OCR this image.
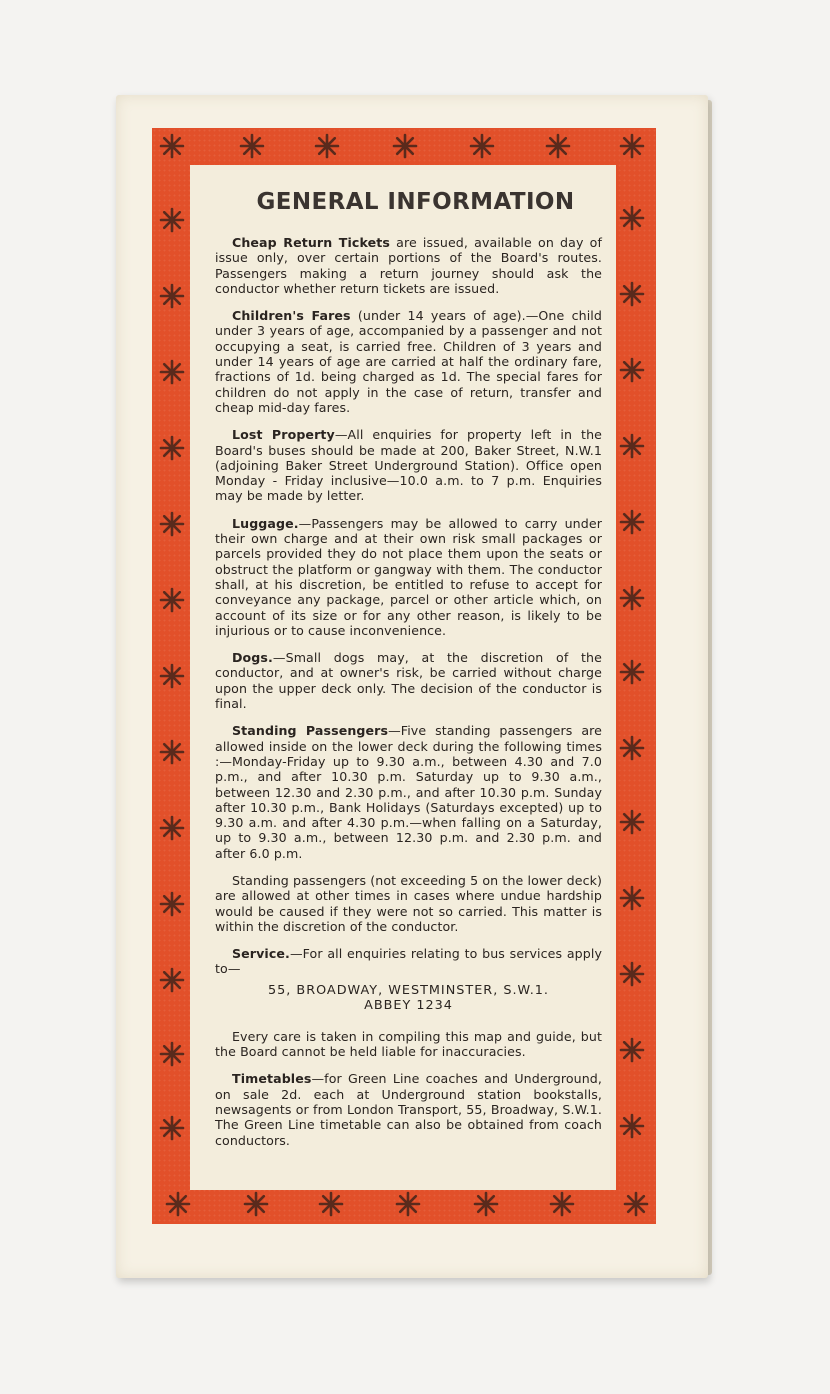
GENERAL INFORMATION

Cheap Return Tickets are issued, available on day of issue only, over certain portions of the Board's routes. Passengers making a return journey should ask the conductor whether return tickets are issued.

Children's Fares (under 14 years of age).—One child under 3 years of age, accompanied by a passenger and not occupying a seat, is carried free. Children of 3 years and under 14 years of age are carried at half the ordinary fare, fractions of 1d. being charged as 1d. The special fares for children do not apply in the case of return, transfer and cheap mid-day fares.

Lost Property—All enquiries for property left in the Board's buses should be made at 200, Baker Street, N.W.1 (adjoining Baker Street Underground Station). Office open Monday - Friday inclusive—10.0 a.m. to 7 p.m. Enquiries may be made by letter.

Luggage.—Passengers may be allowed to carry under their own charge and at their own risk small packages or parcels provided they do not place them upon the seats or obstruct the platform or gangway with them. The conductor shall, at his discretion, be entitled to refuse to accept for conveyance any package, parcel or other article which, on account of its size or for any other reason, is likely to be injurious or to cause inconvenience.

Dogs.—Small dogs may, at the discretion of the conductor, and at owner's risk, be carried without charge upon the upper deck only. The decision of the conductor is final.

Standing Passengers—Five standing passengers are allowed inside on the lower deck during the following times :—Monday-Friday up to 9.30 a.m., between 4.30 and 7.0 p.m., and after 10.30 p.m. Saturday up to 9.30 a.m., between 12.30 and 2.30 p.m., and after 10.30 p.m. Sunday after 10.30 p.m., Bank Holidays (Saturdays excepted) up to 9.30 a.m. and after 4.30 p.m.—when falling on a Saturday, up to 9.30 a.m., between 12.30 p.m. and 2.30 p.m. and after 6.0 p.m.

Standing passengers (not exceeding 5 on the lower deck) are allowed at other times in cases where undue hardship would be caused if they were not so carried. This matter is within the discretion of the conductor.

Service.—For all enquiries relating to bus services apply to—

55, BROADWAY, WESTMINSTER, S.W.1.
ABBEY 1234

Every care is taken in compiling this map and guide, but the Board cannot be held liable for inaccuracies.

Timetables—for Green Line coaches and Underground, on sale 2d. each at Underground station bookstalls, newsagents or from London Transport, 55, Broadway, S.W.1. The Green Line timetable can also be obtained from coach conductors.
